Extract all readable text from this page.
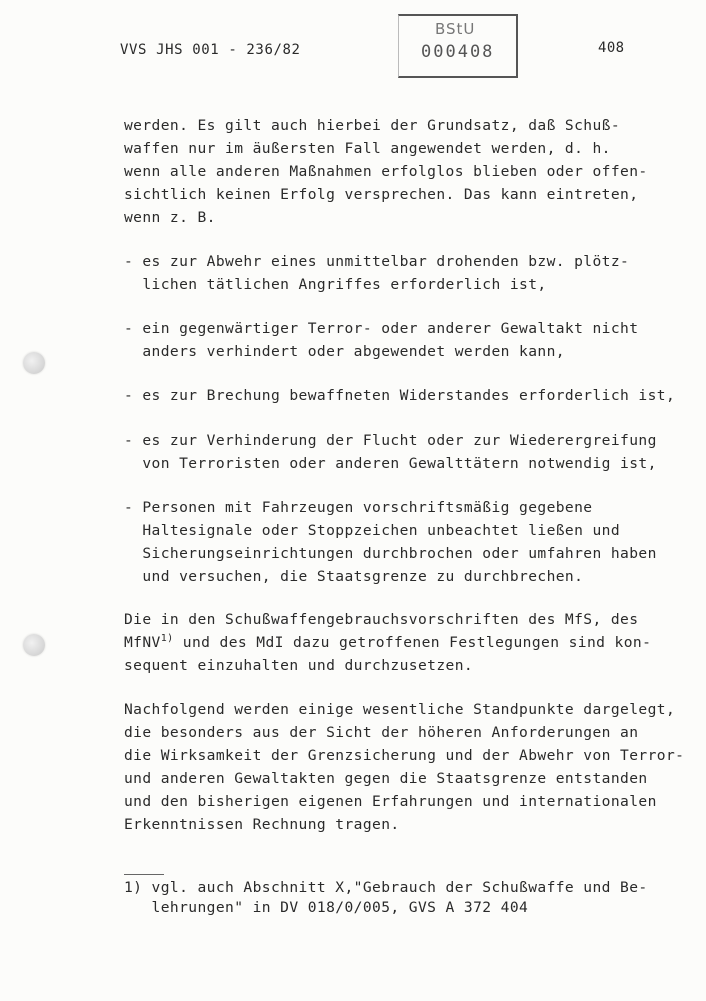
VVS JHS 001 - 236/82
BStU
000408	408
werden. Es gilt auch hierbei der Grundsatz, daß Schuß-
waffen nur im äußersten Fall angewendet werden, d. h.
wenn alle anderen Maßnahmen erfolglos blieben oder offen-
sichtlich keinen Erfolg versprechen. Das kann eintreten,
wenn z. B.
- es zur Abwehr eines unmittelbar drohenden bzw. plötz-
lichen tätlichen Angriffes erforderlich ist,
- ein gegenwärtiger Terror- oder anderer Gewaltakt nicht
anders verhindert oder abgewendet werden kann,
- es zur Brechung bewaffneten Widerstandes erforderlich ist,
- es zur Verhinderung der Flucht oder zur Wiederergreifung
von Terroristen oder anderen Gewalttätern notwendig ist,
- Personen mit Fahrzeugen vorschriftsmäßig gegebene
Haltesignale oder Stoppzeichen unbeachtet ließen und
Sicherungseinrichtungen durchbrochen oder umfahren haben
und versuchen, die Staatsgrenze zu durchbrechen.
Die in den Schußwaffengebrauchsvorschriften des MfS, des
MfNV$^{1)}$ und des MdI dazu getroffenen Festlegungen sind kon-
sequent einzuhalten und durchzusetzen.
Nachfolgend werden einige wesentliche Standpunkte dargelegt,
die besonders aus der Sicht der höheren Anforderungen an
die Wirksamkeit der Grenzsicherung und der Abwehr von Terror-
und anderen Gewaltakten gegen die Staatsgrenze entstanden
und den bisherigen eigenen Erfahrungen und internationalen
Erkenntnissen Rechnung tragen.
1) vgl. auch Abschnitt X,"Gebrauch der Schußwaffe und Be-
lehrungen" in DV 018/0/005, GVS A 372 404
